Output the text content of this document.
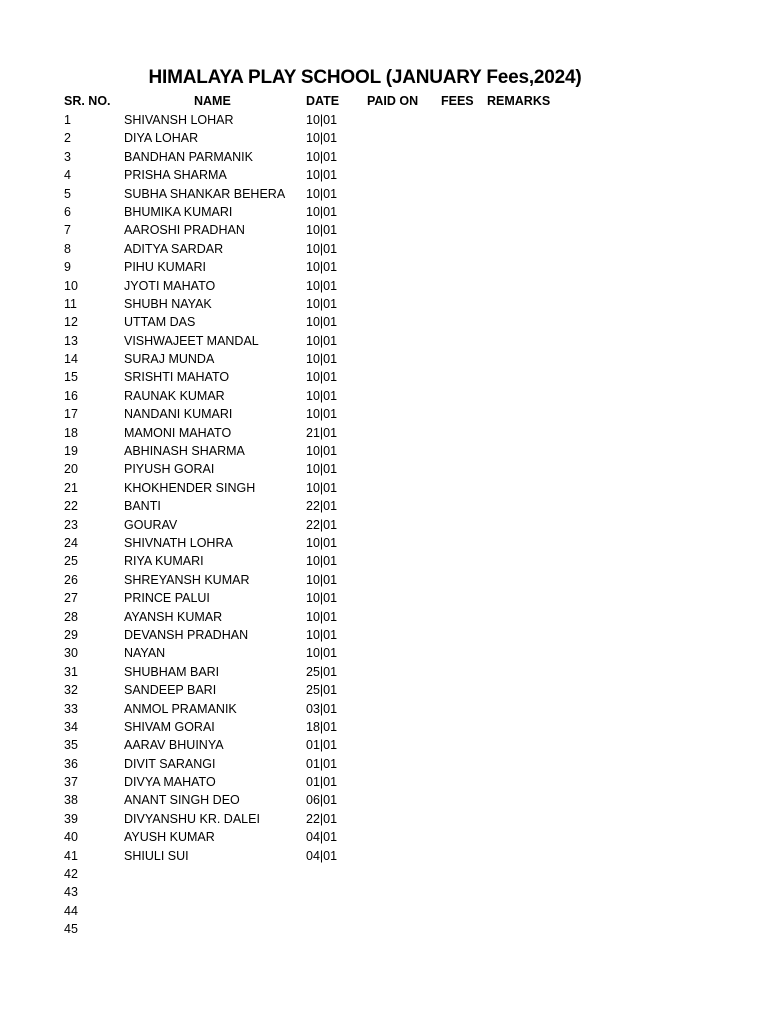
HIMALAYA PLAY SCHOOL (JANUARY Fees,2024)
SR. NO.	NAME	DATE PAID ON FEES REMARKS
1	SHIVANSH LOHAR	10|01
2	DIYA LOHAR	10|01
3	BANDHAN PARMANIK	10|01
4	PRISHA SHARMA	10|01
5	SUBHA SHANKAR BEHERA 10|01
6	BHUMIKA KUMARI	10|01
7	AAROSHI PRADHAN	10|01
8	ADITYA SARDAR	10|01
9	PIHU KUMARI	10|01
10	JYOTI MAHATO	10|01
11	SHUBH NAYAK	10|01
12	UTTAM DAS	10|01
13	VISHWAJEET MANDAL	10|01
14	SURAJ MUNDA	10|01
15	SRISHTI MAHATO	10|01
16	RAUNAK KUMAR	10|01
17	NANDANI KUMARI	10|01
18	MAMONI MAHATO	21|01
19	ABHINASH SHARMA	10|01
20	PIYUSH GORAI	10|01
21	KHOKHENDER SINGH	10|01
22	BANTI	22|01
23	GOURAV	22|01
24	SHIVNATH LOHRA	10|01
25	RIYA KUMARI	10|01
26	SHREYANSH KUMAR	10|01
27	PRINCE PALUI	10|01
28	AYANSH KUMAR	10|01
29	DEVANSH PRADHAN	10|01
30	NAYAN	10|01
31	SHUBHAM BARI	25|01
32	SANDEEP BARI	25|01
33	ANMOL PRAMANIK	03|01
34	SHIVAM GORAI	18|01
35	AARAV BHUINYA	01|01
36	DIVIT SARANGI	01|01
37	DIVYA MAHATO	01|01
38	ANANT SINGH DEO	06|01
39	DIVYANSHU KR. DALEI	22|01
40	AYUSH KUMAR	04|01
41	SHIULI SUI	04|01
42
43
44
45
